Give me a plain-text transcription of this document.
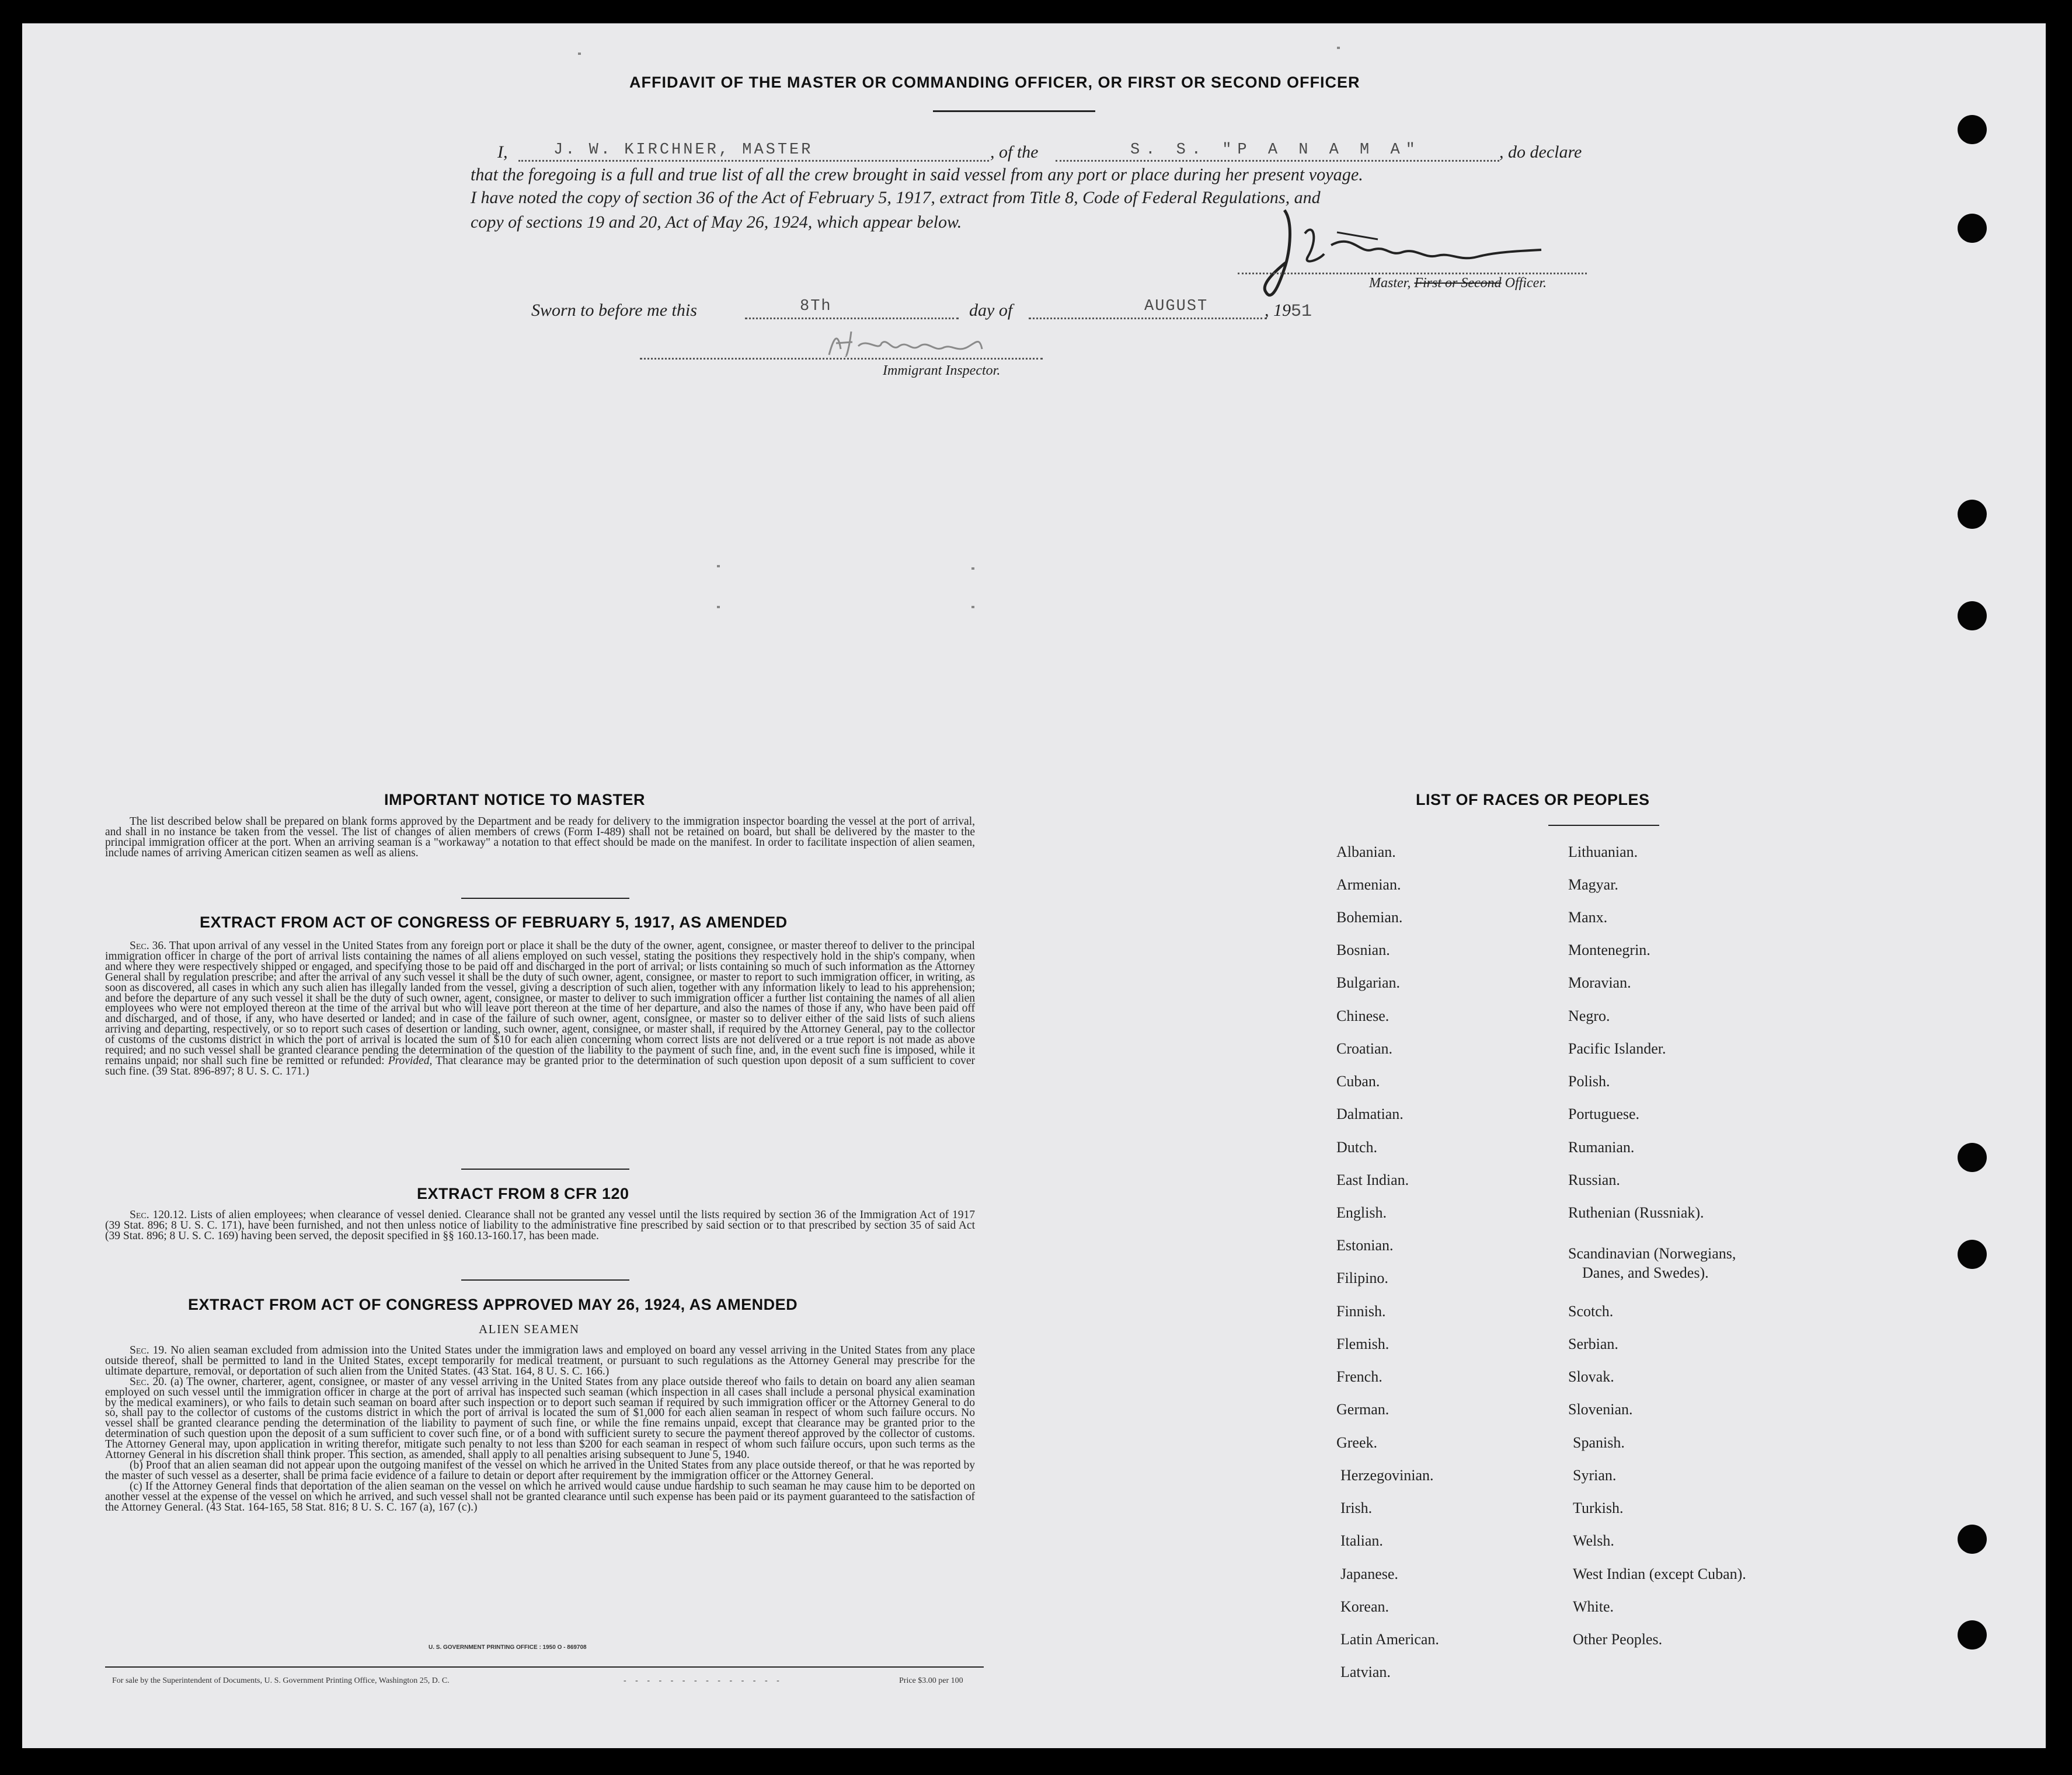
AFFIDAVIT OF THE MASTER OR COMMANDING OFFICER, OR FIRST OR SECOND OFFICER
I,	J. W. KIRCHNER, MASTER	, of the	S. S. "P A N A M A"	, do declare
that the foregoing is a full and true list of all the crew brought in said vessel from any port or place during her present voyage.
I have noted the copy of section 36 of the Act of February 5, 1917, extract from Title 8, Code of Federal Regulations, and
copy of sections 19 and 20, Act of May 26, 1924, which appear below.
Master, First or Second Officer.
Sworn to before me this	8Th	day of	AUGUST	, 1951
Immigrant Inspector.
IMPORTANT NOTICE TO MASTER

The list described below shall be prepared on blank forms approved by the Department and be ready for delivery to the immigration inspector boarding the vessel at the port of arrival, and shall in no instance be taken from the vessel. The list of changes of alien members of crews (Form I-489) shall not be retained on board, but shall be delivered by the master to the principal immigration officer at the port. When an arriving seaman is a "workaway" a notation to that effect should be made on the manifest. In order to facilitate inspection of alien seamen, include names of arriving American citizen seamen as well as aliens.

EXTRACT FROM ACT OF CONGRESS OF FEBRUARY 5, 1917, AS AMENDED

Sec. 36. That upon arrival of any vessel in the United States from any foreign port or place it shall be the duty of the owner, agent, consignee, or master thereof to deliver to the principal immigration officer in charge of the port of arrival lists containing the names of all aliens employed on such vessel, stating the positions they respectively hold in the ship's company, when and where they were respectively shipped or engaged, and specifying those to be paid off and discharged in the port of arrival; or lists containing so much of such information as the Attorney General shall by regulation prescribe; and after the arrival of any such vessel it shall be the duty of such owner, agent, consignee, or master to report to such immigration officer, in writing, as soon as discovered, all cases in which any such alien has illegally landed from the vessel, giving a description of such alien, together with any information likely to lead to his apprehension; and before the departure of any such vessel it shall be the duty of such owner, agent, consignee, or master to deliver to such immigration officer a further list containing the names of all alien employees who were not employed thereon at the time of the arrival but who will leave port thereon at the time of her departure, and also the names of those if any, who have been paid off and discharged, and of those, if any, who have deserted or landed; and in case of the failure of such owner, agent, consignee, or master so to deliver either of the said lists of such aliens arriving and departing, respectively, or so to report such cases of desertion or landing, such owner, agent, consignee, or master shall, if required by the Attorney General, pay to the collector of customs of the customs district in which the port of arrival is located the sum of $10 for each alien concerning whom correct lists are not delivered or a true report is not made as above required; and no such vessel shall be granted clearance pending the determination of the question of the liability to the payment of such fine, and, in the event such fine is imposed, while it remains unpaid; nor shall such fine be remitted or refunded: Provided, That clearance may be granted prior to the determination of such question upon deposit of a sum sufficient to cover such fine. (39 Stat. 896-897; 8 U. S. C. 171.)

EXTRACT FROM 8 CFR 120

Sec. 120.12. Lists of alien employees; when clearance of vessel denied. Clearance shall not be granted any vessel until the lists required by section 36 of the Immigration Act of 1917 (39 Stat. 896; 8 U. S. C. 171), have been furnished, and not then unless notice of liability to the administrative fine prescribed by said section or to that prescribed by section 35 of said Act (39 Stat. 896; 8 U. S. C. 169) having been served, the deposit specified in §§ 160.13-160.17, has been made.

EXTRACT FROM ACT OF CONGRESS APPROVED MAY 26, 1924, AS AMENDED
ALIEN SEAMEN

Sec. 19. No alien seaman excluded from admission into the United States under the immigration laws and employed on board any vessel arriving in the United States from any place outside thereof, shall be permitted to land in the United States, except temporarily for medical treatment, or pursuant to such regulations as the Attorney General may prescribe for the ultimate departure, removal, or deportation of such alien from the United States. (43 Stat. 164, 8 U. S. C. 166.)

Sec. 20. (a) The owner, charterer, agent, consignee, or master of any vessel arriving in the United States from any place outside thereof who fails to detain on board any alien seaman employed on such vessel until the immigration officer in charge at the port of arrival has inspected such seaman (which inspection in all cases shall include a personal physical examination by the medical examiners), or who fails to detain such seaman on board after such inspection or to deport such seaman if required by such immigration officer or the Attorney General to do so, shall pay to the collector of customs of the customs district in which the port of arrival is located the sum of $1,000 for each alien seaman in respect of whom such failure occurs. No vessel shall be granted clearance pending the determination of the liability to payment of such fine, or while the fine remains unpaid, except that clearance may be granted prior to the determination of such question upon the deposit of a sum sufficient to cover such fine, or of a bond with sufficient surety to secure the payment thereof approved by the collector of customs. The Attorney General may, upon application in writing therefor, mitigate such penalty to not less than $200 for each seaman in respect of whom such failure occurs, upon such terms as the Attorney General in his discretion shall think proper. This section, as amended, shall apply to all penalties arising subsequent to June 5, 1940.

(b) Proof that an alien seaman did not appear upon the outgoing manifest of the vessel on which he arrived in the United States from any place outside thereof, or that he was reported by the master of such vessel as a deserter, shall be prima facie evidence of a failure to detain or deport after requirement by the immigration officer or the Attorney General.

(c) If the Attorney General finds that deportation of the alien seaman on the vessel on which he arrived would cause undue hardship to such seaman he may cause him to be deported on another vessel at the expense of the vessel on which he arrived, and such vessel shall not be granted clearance until such expense has been paid or its payment guaranteed to the satisfaction of the Attorney General. (43 Stat. 164-165, 58 Stat. 816; 8 U. S. C. 167 (a), 167 (c).)

U. S. GOVERNMENT PRINTING OFFICE : 1950 O - 869708
For sale by the Superintendent of Documents, U. S. Government Printing Office, Washington 25, D. C.	- - - - - - - - - - - - - -	Price $3.00 per 100
LIST OF RACES OR PEOPLES
Albanian.
Armenian.
Bohemian.
Bosnian.
Bulgarian.
Chinese.
Croatian.
Cuban.
Dalmatian.
Dutch.
East Indian.
English.
Estonian.
Filipino.
Finnish.
Flemish.
French.
German.
Greek.
Herzegovinian.
Irish.
Italian.
Japanese.
Korean.
Latin American.
Latvian.
Lithuanian.
Magyar.
Manx.
Montenegrin.
Moravian.
Negro.
Pacific Islander.
Polish.
Portuguese.
Rumanian.
Russian.
Ruthenian (Russniak).
Scandinavian (Norwegians,
Danes, and Swedes).
Scotch.
Serbian.
Slovak.
Slovenian.
Spanish.
Syrian.
Turkish.
Welsh.
West Indian (except Cuban).
White.
Other Peoples.
